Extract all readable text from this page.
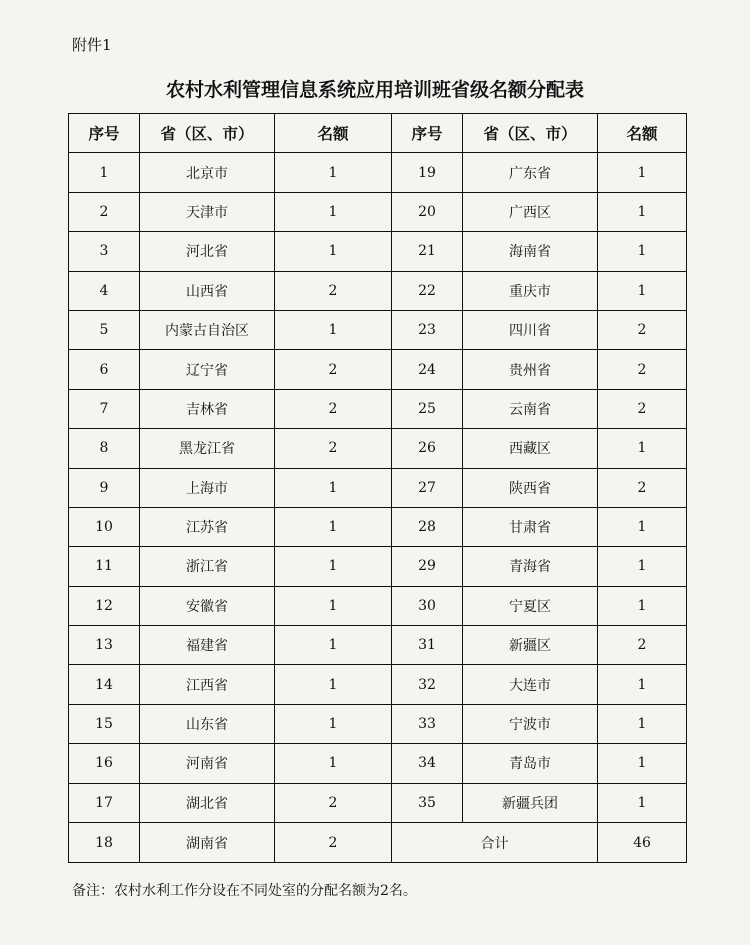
附件1
农村水利管理信息系统应用培训班省级名额分配表
序号	省（区、市）	名额	序号	省（区、市）	名额
1	北京市	1	19	广东省	1
2	天津市	1	20	广西区	1
3	河北省	1	21	海南省	1
4	山西省	2	22	重庆市	1
5	内蒙古自治区	1	23	四川省	2
6	辽宁省	2	24	贵州省	2
7	吉林省	2	25	云南省	2
8	黑龙江省	2	26	西藏区	1
9	上海市	1	27	陕西省	2
10	江苏省	1	28	甘肃省	1
11	浙江省	1	29	青海省	1
12	安徽省	1	30	宁夏区	1
13	福建省	1	31	新疆区	2
14	江西省	1	32	大连市	1
15	山东省	1	33	宁波市	1
16	河南省	1	34	青岛市	1
17	湖北省	2	35	新疆兵团	1
18	湖南省	2	合计		46
备注：农村水利工作分设在不同处室的分配名额为2名。
